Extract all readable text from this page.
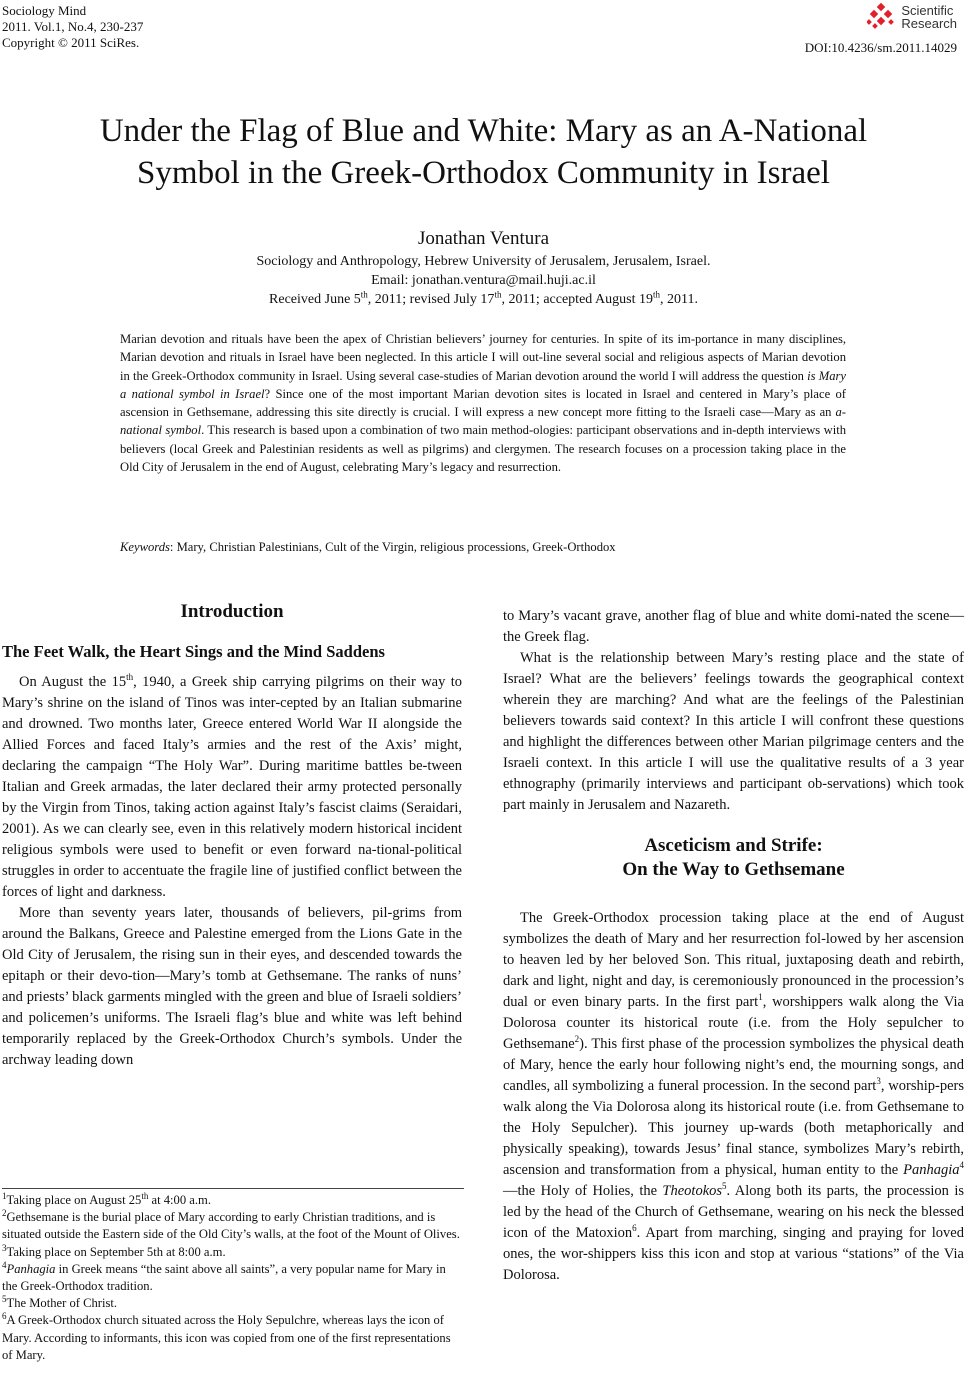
Sociology Mind
2011. Vol.1, No.4, 230-237
Copyright © 2011 SciRes.
Scientific
Research
DOI:10.4236/sm.2011.14029
Under the Flag of Blue and White: Mary as an A-National
Symbol in the Greek-Orthodox Community in Israel
Jonathan Ventura
Sociology and Anthropology, Hebrew University of Jerusalem, Jerusalem, Israel.
Email: jonathan.ventura@mail.huji.ac.il
Received June 5th, 2011; revised July 17th, 2011; accepted August 19th, 2011.
Marian devotion and rituals have been the apex of Christian believers’ journey for centuries. In spite of its im-portance in many disciplines, Marian devotion and rituals in Israel have been neglected. In this article I will out-line several social and religious aspects of Marian devotion in the Greek-Orthodox community in Israel. Using several case-studies of Marian devotion around the world I will address the question is Mary a national symbol in Israel? Since one of the most important Marian devotion sites is located in Israel and centered in Mary’s place of ascension in Gethsemane, addressing this site directly is crucial. I will express a new concept more fitting to the Israeli case—Mary as an a-national symbol. This research is based upon a combination of two main method-ologies: participant observations and in-depth interviews with believers (local Greek and Palestinian residents as well as pilgrims) and clergymen. The research focuses on a procession taking place in the Old City of Jerusalem in the end of August, celebrating Mary’s legacy and resurrection.
Keywords: Mary, Christian Palestinians, Cult of the Virgin, religious processions, Greek-Orthodox
Introduction
The Feet Walk, the Heart Sings and the Mind Saddens

On August the 15th, 1940, a Greek ship carrying pilgrims on their way to Mary’s shrine on the island of Tinos was inter-cepted by an Italian submarine and drowned. Two months later, Greece entered World War II alongside the Allied Forces and faced Italy’s armies and the rest of the Axis’ might, declaring the campaign “The Holy War”. During maritime battles be-tween Italian and Greek armadas, the later declared their army protected personally by the Virgin from Tinos, taking action against Italy’s fascist claims (Seraidari, 2001). As we can clearly see, even in this relatively modern historical incident religious symbols were used to benefit or even forward na-tional-political struggles in order to accentuate the fragile line of justified conflict between the forces of light and darkness.

More than seventy years later, thousands of believers, pil-grims from around the Balkans, Greece and Palestine emerged from the Lions Gate in the Old City of Jerusalem, the rising sun in their eyes, and descended towards the epitaph or their devo-tion—Mary’s tomb at Gethsemane. The ranks of nuns’ and priests’ black garments mingled with the green and blue of Israeli soldiers’ and policemen’s uniforms. The Israeli flag’s blue and white was left behind temporarily replaced by the Greek-Orthodox Church’s symbols. Under the archway leading down

$^1$Taking place on August 25th at 4:00 a.m.
$^2$Gethsemane is the burial place of Mary according to early Christian traditions, and is situated outside the Eastern side of the Old City’s walls, at the foot of the Mount of Olives.
$^3$Taking place on September 5th at 8:00 a.m.
$^4$Panhagia in Greek means “the saint above all saints”, a very popular name for Mary in the Greek-Orthodox tradition.
$^5$The Mother of Christ.
$^6$A Greek-Orthodox church situated across the Holy Sepulchre, whereas lays the icon of Mary. According to informants, this icon was copied from one of the first representations of Mary.

to Mary’s vacant grave, another flag of blue and white domi-nated the scene—the Greek flag.

What is the relationship between Mary’s resting place and the state of Israel? What are the believers’ feelings towards the geographical context wherein they are marching? And what are the feelings of the Palestinian believers towards said context? In this article I will confront these questions and highlight the differences between other Marian pilgrimage centers and the Israeli context. In this article I will use the qualitative results of a 3 year ethnography (primarily interviews and participant ob-servations) which took part mainly in Jerusalem and Nazareth.

Asceticism and Strife:
On the Way to Gethsemane

The Greek-Orthodox procession taking place at the end of August symbolizes the death of Mary and her resurrection fol-lowed by her ascension to heaven led by her beloved Son. This ritual, juxtaposing death and rebirth, dark and light, night and day, is ceremoniously pronounced in the procession’s dual or even binary parts. In the first part$^1$, worshippers walk along the Via Dolorosa counter its historical route (i.e. from the Holy sepulcher to Gethsemane$^2$). This first phase of the procession symbolizes the physical death of Mary, hence the early hour following night’s end, the mourning songs, and candles, all symbolizing a funeral procession. In the second part$^3$, worship-pers walk along the Via Dolorosa along its historical route (i.e. from Gethsemane to the Holy Sepulcher). This journey up-wards (both metaphorically and physically speaking), towards Jesus’ final stance, symbolizes Mary’s rebirth, ascension and transformation from a physical, human entity to the Panhagia$^4$—the Holy of Holies, the Theotokos$^5$. Along both its parts, the procession is led by the head of the Church of Gethsemane, wearing on his neck the blessed icon of the Matoxion$^6$. Apart from marching, singing and praying for loved ones, the wor-shippers kiss this icon and stop at various “stations” of the Via Dolorosa.
